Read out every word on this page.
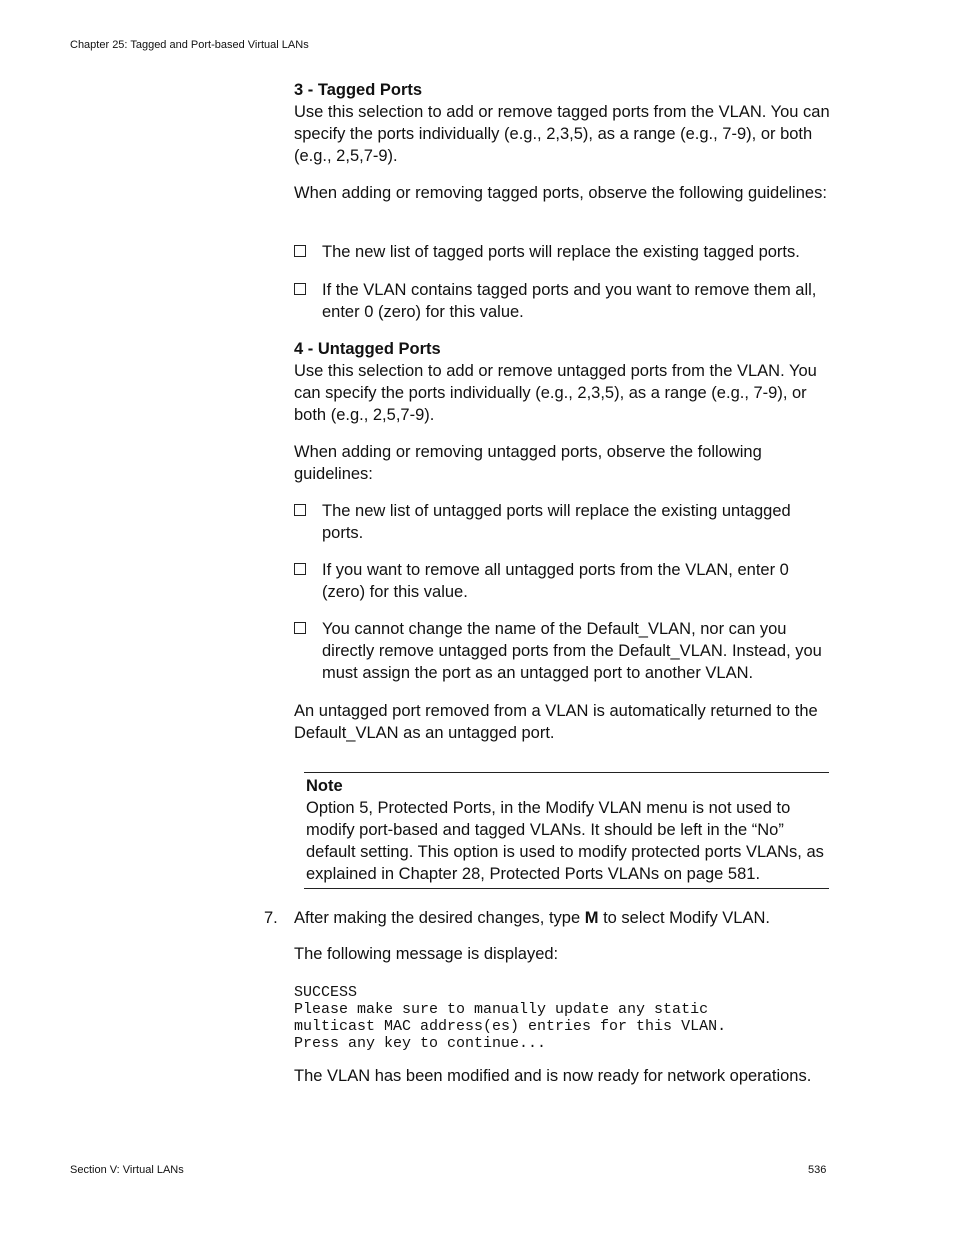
Chapter 25: Tagged and Port-based Virtual LANs

3 - Tagged Ports

Use this selection to add or remove tagged ports from the VLAN. You can specify the ports individually (e.g., 2,3,5), as a range (e.g., 7-9), or both (e.g., 2,5,7-9).

When adding or removing tagged ports, observe the following guidelines:
The new list of tagged ports will replace the existing tagged ports.
If the VLAN contains tagged ports and you want to remove them all, enter 0 (zero) for this value.

4 - Untagged Ports

Use this selection to add or remove untagged ports from the VLAN. You can specify the ports individually (e.g., 2,3,5), as a range (e.g., 7-9), or both (e.g., 2,5,7-9).

When adding or removing untagged ports, observe the following guidelines:
The new list of untagged ports will replace the existing untagged ports.
If you want to remove all untagged ports from the VLAN, enter 0 (zero) for this value.
You cannot change the name of the Default_VLAN, nor can you directly remove untagged ports from the Default_VLAN. Instead, you must assign the port as an untagged port to another VLAN.
An untagged port removed from a VLAN is automatically returned to the Default_VLAN as an untagged port.
Note
Option 5, Protected Ports, in the Modify VLAN menu is not used to modify port-based and tagged VLANs. It should be left in the “No” default setting. This option is used to modify protected ports VLANs, as explained in Chapter 28, Protected Ports VLANs on page 581.
7. After making the desired changes, type M to select Modify VLAN.
The following message is displayed:
SUCCESS
Please make sure to manually update any static
multicast MAC address(es) entries for this VLAN.
Press any key to continue...
The VLAN has been modified and is now ready for network operations.
Section V: Virtual LANs	536
